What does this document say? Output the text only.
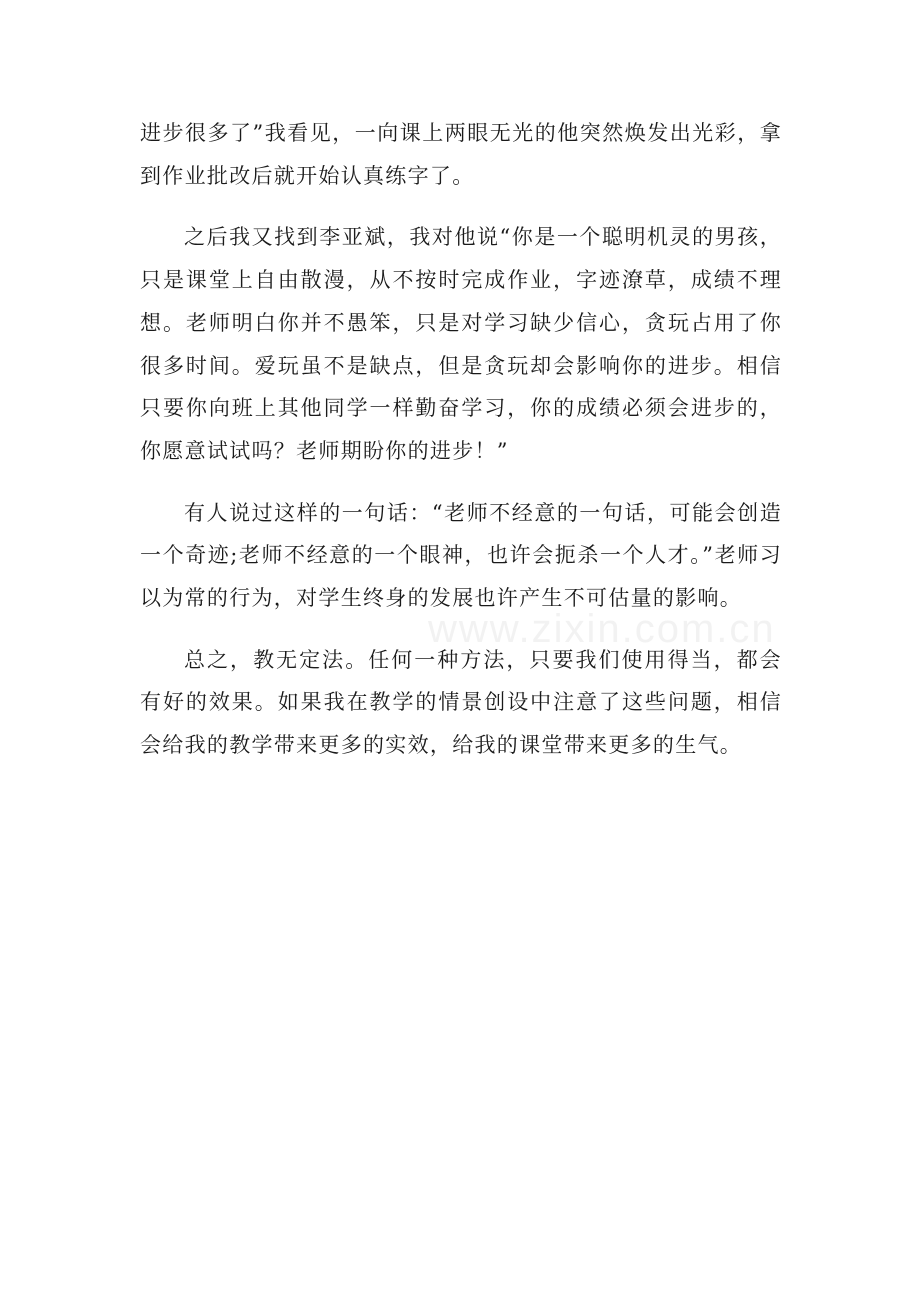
进步很多了”我看见，一向课上两眼无光的他突然焕发出光彩，拿到作业批改后就开始认真练字了。

之后我又找到李亚斌，我对他说“你是一个聪明机灵的男孩，只是课堂上自由散漫，从不按时完成作业，字迹潦草，成绩不理想。老师明白你并不愚笨，只是对学习缺少信心，贪玩占用了你很多时间。爱玩虽不是缺点，但是贪玩却会影响你的进步。相信只要你向班上其他同学一样勤奋学习，你的成绩必须会进步的，你愿意试试吗？老师期盼你的进步！”

有人说过这样的一句话：“老师不经意的一句话，可能会创造一个奇迹;老师不经意的一个眼神，也许会扼杀一个人才。”老师习以为常的行为，对学生终身的发展也许产生不可估量的影响。

总之，教无定法。任何一种方法，只要我们使用得当，都会有好的效果。如果我在教学的情景创设中注意了这些问题，相信会给我的教学带来更多的实效，给我的课堂带来更多的生气。

www.zixin.com.cn
